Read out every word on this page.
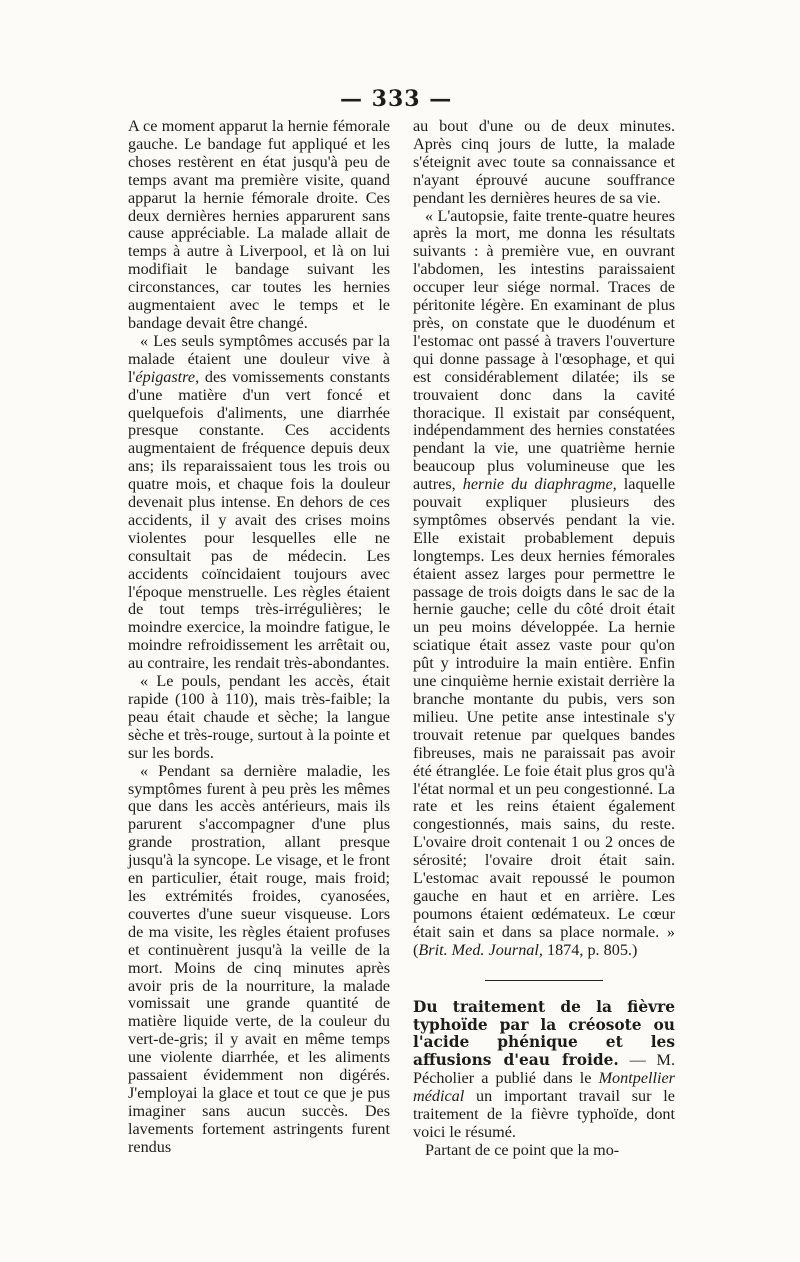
— 333 —

A ce moment apparut la hernie fémorale gauche. Le bandage fut appliqué et les choses restèrent en état jusqu'à peu de temps avant ma première visite, quand apparut la hernie fémorale droite. Ces deux dernières hernies apparurent sans cause appréciable. La malade allait de temps à autre à Liverpool, et là on lui modifiait le bandage suivant les circonstances, car toutes les hernies augmentaient avec le temps et le bandage devait être changé.

« Les seuls symptômes accusés par la malade étaient une douleur vive à l'épigastre, des vomissements constants d'une matière d'un vert foncé et quelquefois d'aliments, une diarrhée presque constante. Ces accidents augmentaient de fréquence depuis deux ans; ils reparaissaient tous les trois ou quatre mois, et chaque fois la douleur devenait plus intense. En dehors de ces accidents, il y avait des crises moins violentes pour lesquelles elle ne consultait pas de médecin. Les accidents coïncidaient toujours avec l'époque menstruelle. Les règles étaient de tout temps très-irrégulières; le moindre exercice, la moindre fatigue, le moindre refroidissement les arrêtait ou, au contraire, les rendait très-abondantes.

« Le pouls, pendant les accès, était rapide (100 à 110), mais très-faible; la peau était chaude et sèche; la langue sèche et très-rouge, surtout à la pointe et sur les bords.

« Pendant sa dernière maladie, les symptômes furent à peu près les mêmes que dans les accès antérieurs, mais ils parurent s'accompagner d'une plus grande prostration, allant presque jusqu'à la syncope. Le visage, et le front en particulier, était rouge, mais froid; les extrémités froides, cyanosées, couvertes d'une sueur visqueuse. Lors de ma visite, les règles étaient profuses et continuèrent jusqu'à la veille de la mort. Moins de cinq minutes après avoir pris de la nourriture, la malade vomissait une grande quantité de matière liquide verte, de la couleur du vert-de-gris; il y avait en même temps une violente diarrhée, et les aliments passaient évidemment non digérés. J'employai la glace et tout ce que je pus imaginer sans aucun succès. Des lavements fortement astringents furent rendus

au bout d'une ou de deux minutes. Après cinq jours de lutte, la malade s'éteignit avec toute sa connaissance et n'ayant éprouvé aucune souffrance pendant les dernières heures de sa vie.

« L'autopsie, faite trente-quatre heures après la mort, me donna les résultats suivants : à première vue, en ouvrant l'abdomen, les intestins paraissaient occuper leur siége normal. Traces de péritonite légère. En examinant de plus près, on constate que le duodénum et l'estomac ont passé à travers l'ouverture qui donne passage à l'œsophage, et qui est considérablement dilatée; ils se trouvaient donc dans la cavité thoracique. Il existait par conséquent, indépendamment des hernies constatées pendant la vie, une quatrième hernie beaucoup plus volumineuse que les autres, hernie du diaphragme, laquelle pouvait expliquer plusieurs des symptômes observés pendant la vie. Elle existait probablement depuis longtemps. Les deux hernies fémorales étaient assez larges pour permettre le passage de trois doigts dans le sac de la hernie gauche; celle du côté droit était un peu moins développée. La hernie sciatique était assez vaste pour qu'on pût y introduire la main entière. Enfin une cinquième hernie existait derrière la branche montante du pubis, vers son milieu. Une petite anse intestinale s'y trouvait retenue par quelques bandes fibreuses, mais ne paraissait pas avoir été étranglée. Le foie était plus gros qu'à l'état normal et un peu congestionné. La rate et les reins étaient également congestionnés, mais sains, du reste. L'ovaire droit contenait 1 ou 2 onces de sérosité; l'ovaire droit était sain. L'estomac avait repoussé le poumon gauche en haut et en arrière. Les poumons étaient œdémateux. Le cœur était sain et dans sa place normale. » (Brit. Med. Journal, 1874, p. 805.)

Du traitement de la fièvre typhoïde par la créosote ou l'acide phénique et les affusions d'eau froide. — M. Pécholier a publié dans le Montpellier médical un important travail sur le traitement de la fièvre typhoïde, dont voici le résumé.

Partant de ce point que la mo-
